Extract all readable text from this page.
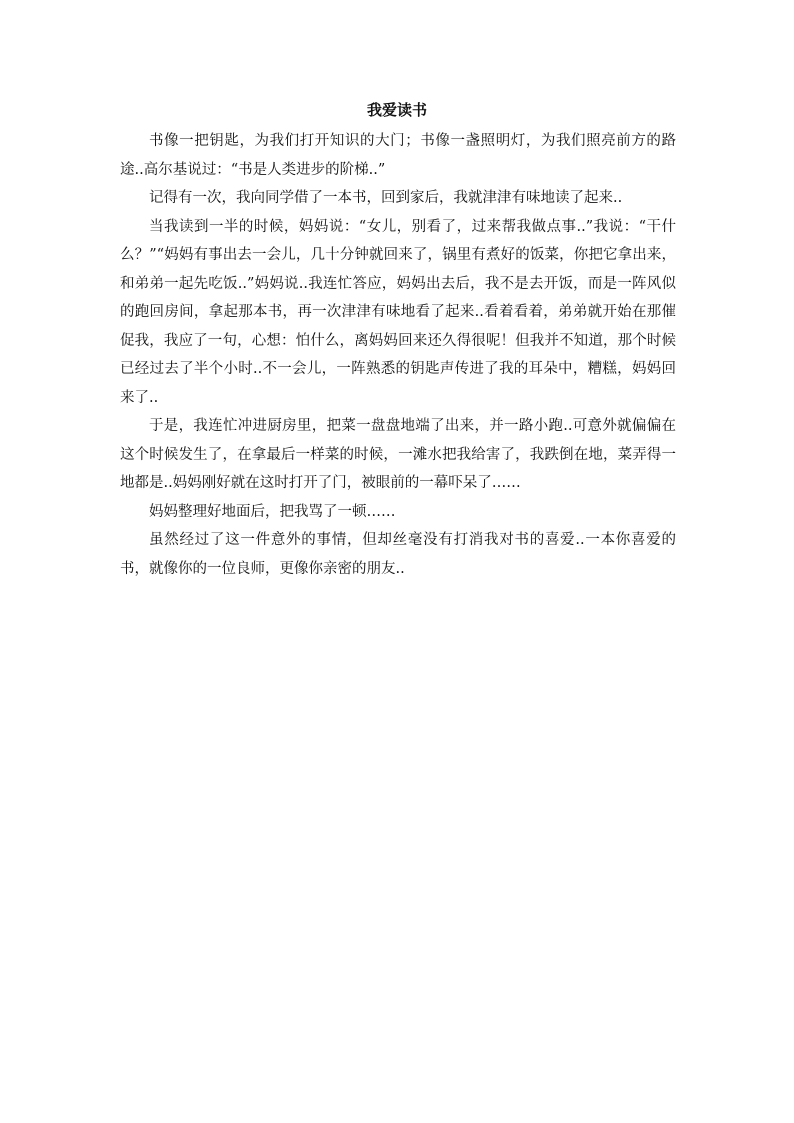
我爱读书

书像一把钥匙，为我们打开知识的大门；书像一盏照明灯，为我们照亮前方的路途..高尔基说过：“书是人类进步的阶梯..”

记得有一次，我向同学借了一本书，回到家后，我就津津有味地读了起来..

当我读到一半的时候，妈妈说：“女儿，别看了，过来帮我做点事..”我说：“干什么？”“妈妈有事出去一会儿，几十分钟就回来了，锅里有煮好的饭菜，你把它拿出来，和弟弟一起先吃饭..”妈妈说..我连忙答应，妈妈出去后，我不是去开饭，而是一阵风似的跑回房间，拿起那本书，再一次津津有味地看了起来..看着看着，弟弟就开始在那催促我，我应了一句，心想：怕什么，离妈妈回来还久得很呢！但我并不知道，那个时候已经过去了半个小时..不一会儿，一阵熟悉的钥匙声传进了我的耳朵中，糟糕，妈妈回来了..

于是，我连忙冲进厨房里，把菜一盘盘地端了出来，并一路小跑..可意外就偏偏在这个时候发生了，在拿最后一样菜的时候，一滩水把我给害了，我跌倒在地，菜弄得一地都是..妈妈刚好就在这时打开了门，被眼前的一幕吓呆了……

妈妈整理好地面后，把我骂了一顿……

虽然经过了这一件意外的事情，但却丝毫没有打消我对书的喜爱..一本你喜爱的书，就像你的一位良师，更像你亲密的朋友..
